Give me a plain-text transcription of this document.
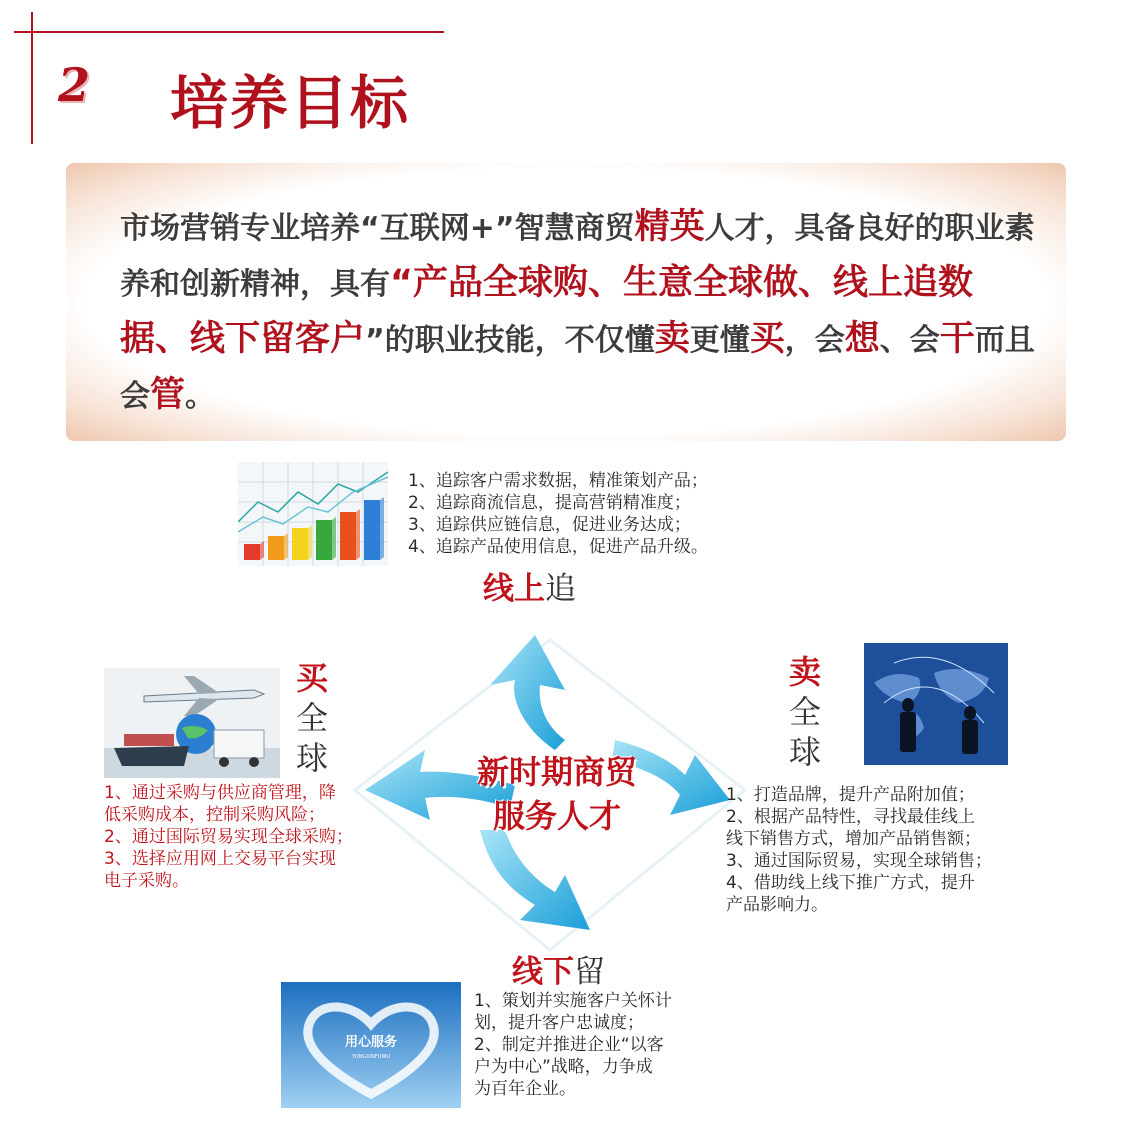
2 培养目标
市场营销专业培养“互联网+”智慧商贸精英人才，具备良好的职业素养和创新精神，具有“产品全球购、生意全球做、线上追数据、线下留客户”的职业技能，不仅懂卖更懂买，会想、会干而且会管。
1、追踪客户需求数据，精准策划产品；
2、追踪商流信息，提高营销精准度；
3、追踪供应链信息，促进业务达成；
4、追踪产品使用信息，促进产品升级。
线上追
新时期商贸
服务人才
买
全
球
1、通过采购与供应商管理，降
低采购成本，控制采购风险；
2、通过国际贸易实现全球采购；
3、选择应用网上交易平台实现
电子采购。
卖
全
球
1、打造品牌，提升产品附加值；
2、根据产品特性，寻找最佳线上
线下销售方式，增加产品销售额；
3、通过国际贸易，实现全球销售；
4、借助线上线下推广方式，提升
产品影响力。
线下留
用心服务
YONGXINFUWU
1、策划并实施客户关怀计
划，提升客户忠诚度；
2、制定并推进企业“以客
户为中心”战略，力争成
为百年企业。
